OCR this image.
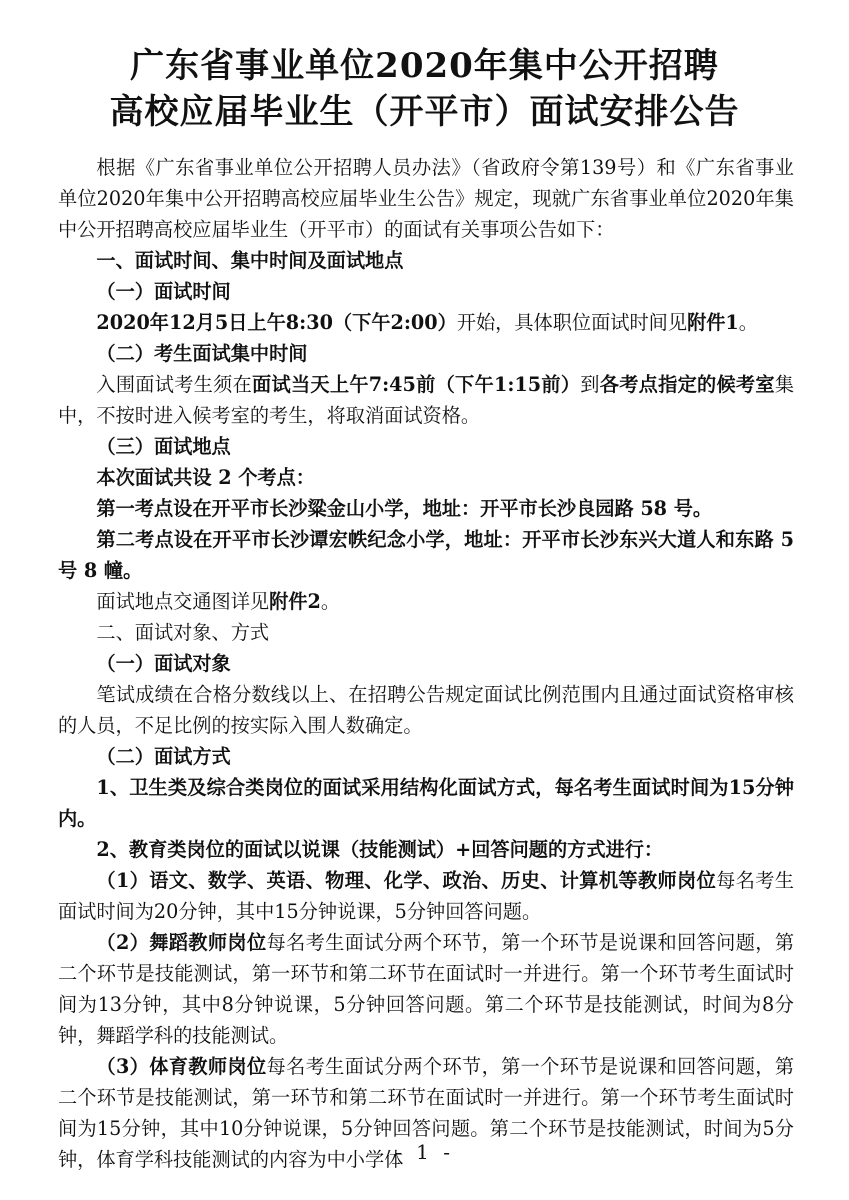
广东省事业单位2020年集中公开招聘
高校应届毕业生（开平市）面试安排公告

根据《广东省事业单位公开招聘人员办法》（省政府令第139号）和《广东省事业单位2020年集中公开招聘高校应届毕业生公告》规定，现就广东省事业单位2020年集中公开招聘高校应届毕业生（开平市）的面试有关事项公告如下：

一、面试时间、集中时间及面试地点

（一）面试时间

2020年12月5日上午8:30（下午2:00）开始，具体职位面试时间见附件1。

（二）考生面试集中时间

入围面试考生须在面试当天上午7:45前（下午1:15前）到各考点指定的候考室集中，不按时进入候考室的考生，将取消面试资格。

（三）面试地点

本次面试共设 2 个考点：

第一考点设在开平市长沙粱金山小学，地址：开平市长沙良园路 58 号。

第二考点设在开平市长沙谭宏帙纪念小学，地址：开平市长沙东兴大道人和东路 5 号 8 幢。

面试地点交通图详见附件2。

二、面试对象、方式

（一）面试对象

笔试成绩在合格分数线以上、在招聘公告规定面试比例范围内且通过面试资格审核的人员，不足比例的按实际入围人数确定。

（二）面试方式

1、卫生类及综合类岗位的面试采用结构化面试方式，每名考生面试时间为15分钟内。

2、教育类岗位的面试以说课（技能测试）+回答问题的方式进行：

（1）语文、数学、英语、物理、化学、政治、历史、计算机等教师岗位每名考生面试时间为20分钟，其中15分钟说课，5分钟回答问题。

（2）舞蹈教师岗位每名考生面试分两个环节，第一个环节是说课和回答问题，第二个环节是技能测试，第一环节和第二环节在面试时一并进行。第一个环节考生面试时间为13分钟，其中8分钟说课，5分钟回答问题。第二个环节是技能测试，时间为8分钟，舞蹈学科的技能测试。

（3）体育教师岗位每名考生面试分两个环节，第一个环节是说课和回答问题，第二个环节是技能测试，第一环节和第二环节在面试时一并进行。第一个环节考生面试时间为15分钟，其中10分钟说课，5分钟回答问题。第二个环节是技能测试，时间为5分钟，体育学科技能测试的内容为中小学体

- 1 -
